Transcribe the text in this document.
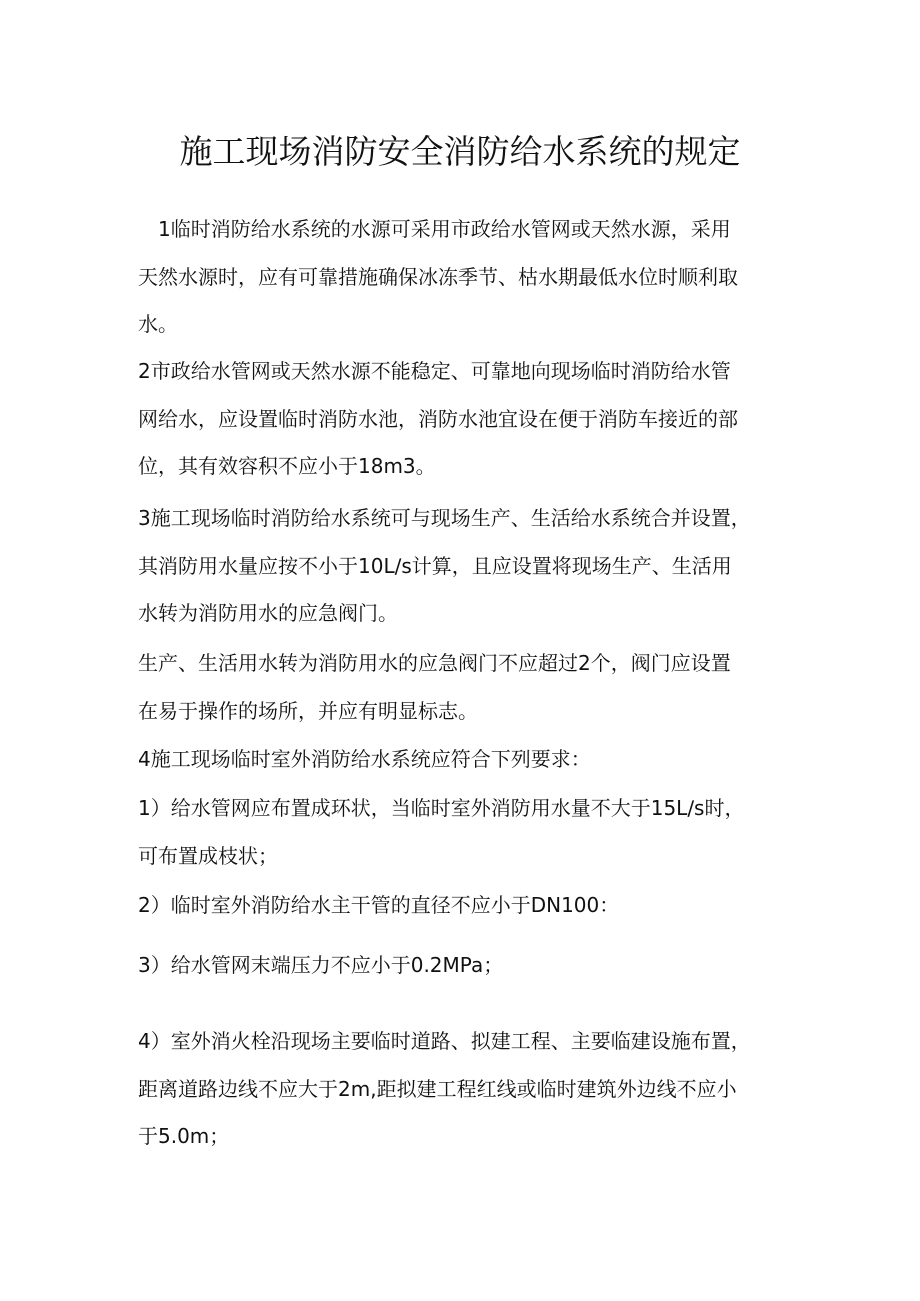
施工现场消防安全消防给水系统的规定
1临时消防给水系统的水源可采用市政给水管网或天然水源，采用
天然水源时，应有可靠措施确保冰冻季节、枯水期最低水位时顺利取
水。
2市政给水管网或天然水源不能稳定、可靠地向现场临时消防给水管
网给水，应设置临时消防水池，消防水池宜设在便于消防车接近的部
位，其有效容积不应小于18m3。
3施工现场临时消防给水系统可与现场生产、生活给水系统合并设置，
其消防用水量应按不小于10L∕s计算，且应设置将现场生产、生活用
水转为消防用水的应急阀门。
生产、生活用水转为消防用水的应急阀门不应超过2个，阀门应设置
在易于操作的场所，并应有明显标志。
4施工现场临时室外消防给水系统应符合下列要求：
1）给水管网应布置成环状，当临时室外消防用水量不大于15L∕s时，
可布置成枝状；
2）临时室外消防给水主干管的直径不应小于DN100：
3）给水管网末端压力不应小于0.2MPa；
4）室外消火栓沿现场主要临时道路、拟建工程、主要临建设施布置，
距离道路边线不应大于2m,距拟建工程红线或临时建筑外边线不应小
于5.0m；
